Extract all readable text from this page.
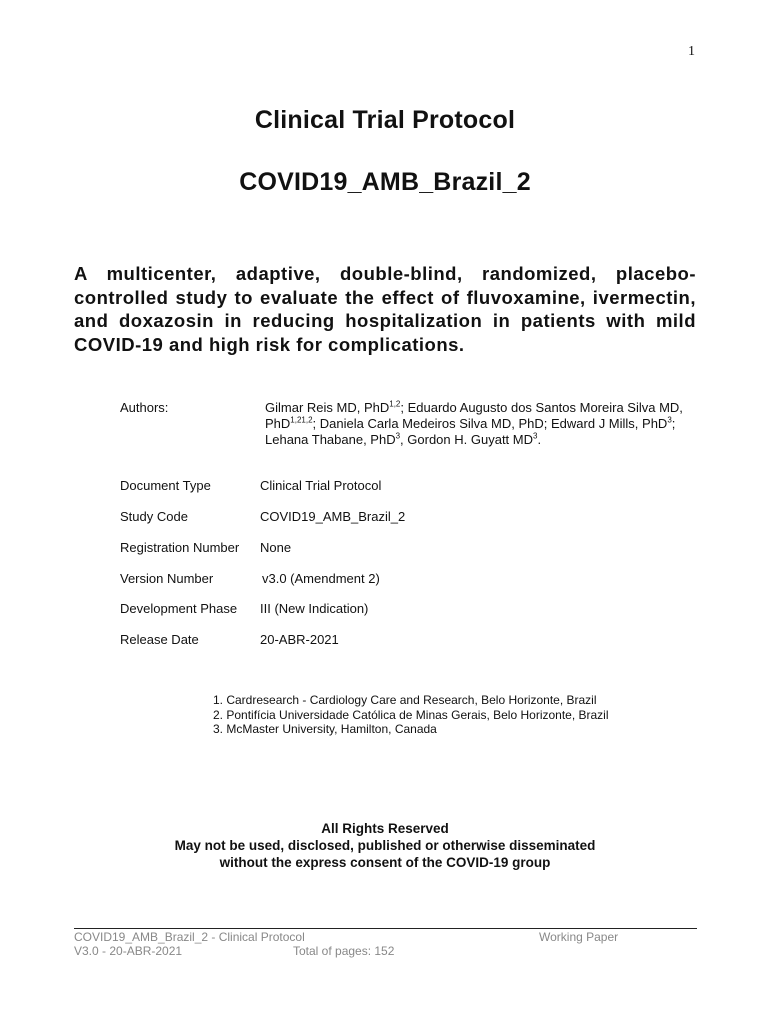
1
Clinical Trial Protocol
COVID19_AMB_Brazil_2
A multicenter, adaptive, double-blind, randomized, placebo-controlled study to evaluate the effect of fluvoxamine, ivermectin, and doxazosin in reducing hospitalization in patients with mild COVID-19 and high risk for complications.
Authors:	Gilmar Reis MD, PhD$^{1,2}$; Eduardo Augusto dos Santos Moreira Silva MD, PhD$^{1,21,2}$; Daniela Carla Medeiros Silva MD, PhD; Edward J Mills, PhD$^3$; Lehana Thabane, PhD$^3$, Gordon H. Guyatt $MD^3$.
Document Type	Clinical Trial Protocol
Study Code	COVID19_AMB_Brazil_2
Registration Number None
Version Number	v3.0 (Amendment 2)
Development Phase III (New Indication)
Release Date	20-ABR-2021
1. Cardresearch - Cardiology Care and Research, Belo Horizonte, Brazil
2. Pontifícia Universidade Católica de Minas Gerais, Belo Horizonte, Brazil
3. McMaster University, Hamilton, Canada
All Rights Reserved
May not be used, disclosed, published or otherwise disseminated
without the express consent of the COVID-19 group
COVID19_AMB_Brazil_2 - Clinical Protocol	Working Paper
V3.0 - 20-ABR-2021	Total of pages: 152
